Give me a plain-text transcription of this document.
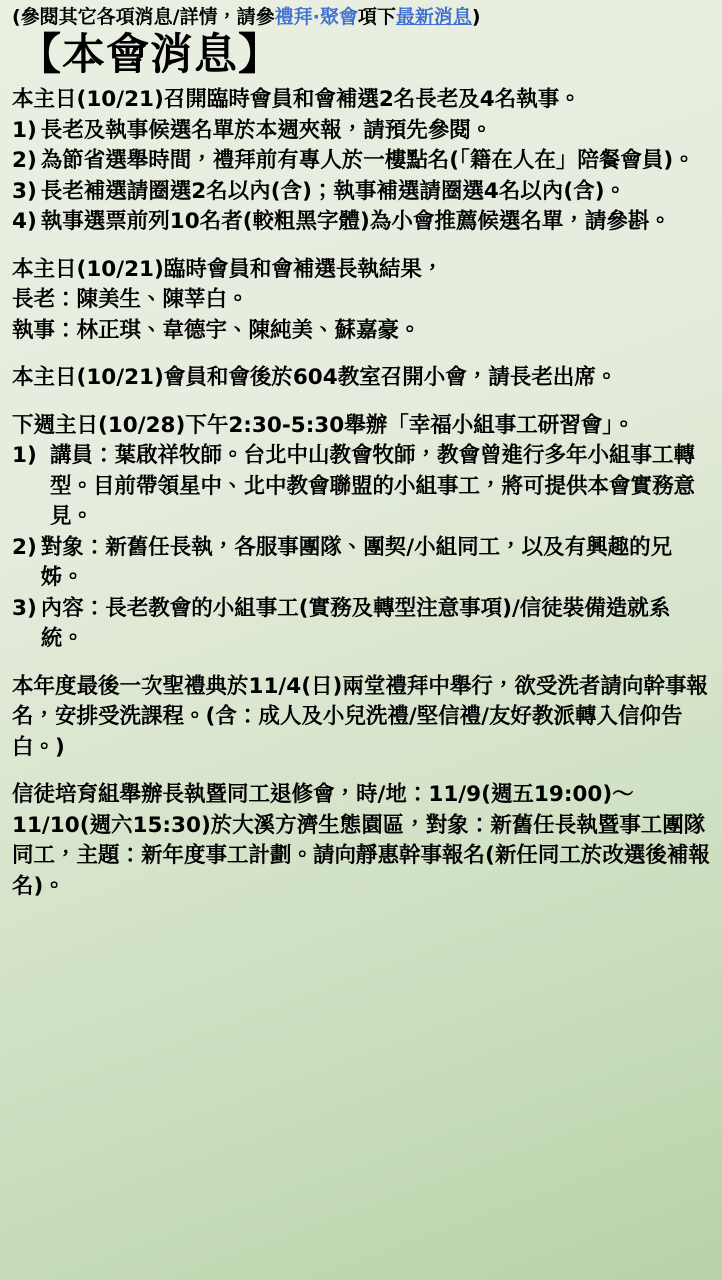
(參閱其它各項消息/詳情，請參禮拜·聚會項下最新消息)
【本會消息】
本主日(10/21)召開臨時會員和會補選2名長老及4名執事。
1) 長老及執事候選名單於本週夾報，請預先參閱。
2) 為節省選舉時間，禮拜前有專人於一樓點名(「籍在人在」陪餐會員)。
3) 長老補選請圈選2名以內(含)；執事補選請圈選4名以內(含)。
4) 執事選票前列10名者(較粗黑字體)為小會推薦候選名單，請參斟。
本主日(10/21)臨時會員和會補選長執結果，
長老：陳美生、陳莘白。
執事：林正琪、韋德宇、陳純美、蘇嘉豪。
本主日(10/21)會員和會後於604教室召開小會，請長老出席。
下週主日(10/28)下午2:30-5:30舉辦「幸福小組事工研習會」。
1) 講員：葉啟祥牧師。台北中山教會牧師，教會曾進行多年小組事工轉型。目前帶領星中、北中教會聯盟的小組事工，將可提供本會實務意見。
2) 對象：新舊任長執，各服事團隊、團契/小組同工，以及有興趣的兄姊。
3) 內容：長老教會的小組事工(實務及轉型注意事項)/信徒裝備造就系統。
本年度最後一次聖禮典於11/4(日)兩堂禮拜中舉行，欲受洗者請向幹事報名，安排受洗課程。(含：成人及小兒洗禮/堅信禮/友好教派轉入信仰告白。)
信徒培育組舉辦長執暨同工退修會，時/地：11/9(週五19:00)～11/10(週六15:30)於大溪方濟生態園區，對象：新舊任長執暨事工團隊同工，主題：新年度事工計劃。請向靜惠幹事報名(新任同工於改選後補報名)。
